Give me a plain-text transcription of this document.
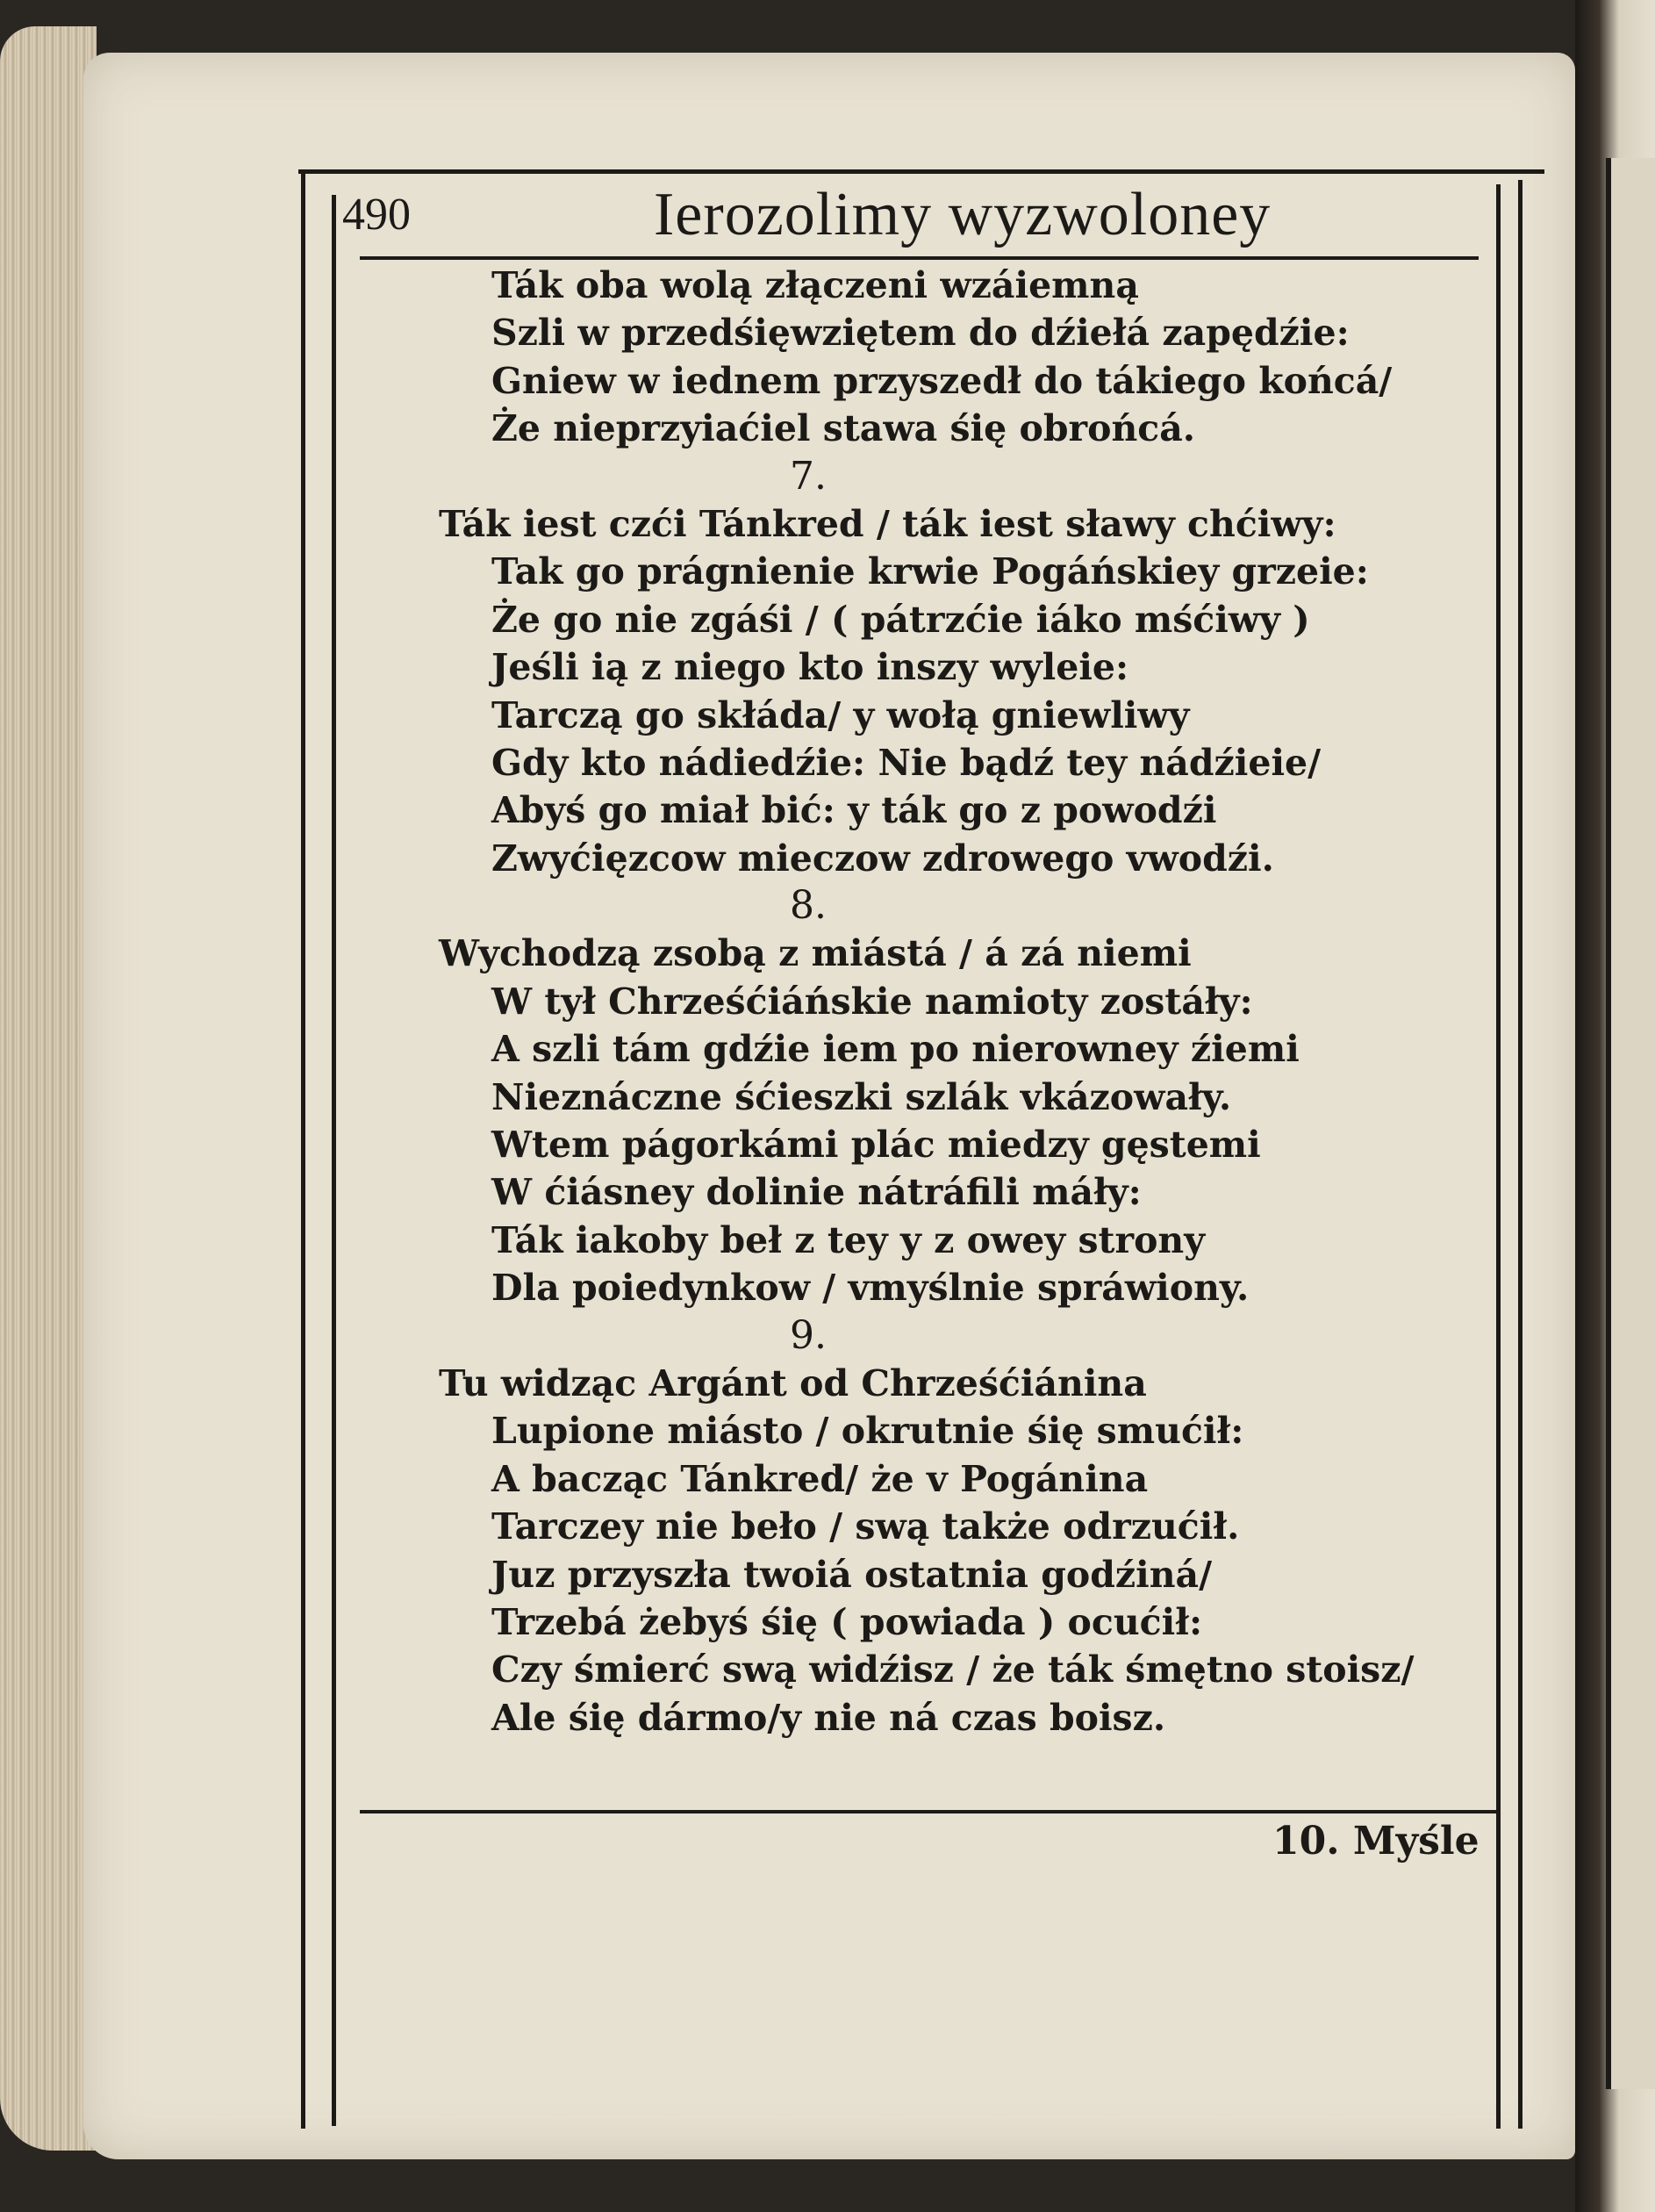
490	Ierozolimy wyzwoloney
Ták oba wolą złączeni wzáiemną
Szli w przedśięwziętem do dźiełá zapędźie:
Gniew w iednem przyszedł do tákiego końcá/
Że nieprzyiaćiel stawa śię obrońcá.
7.
Ták iest czći Tánkred / ták iest sławy chćiwy:
Tak go prágnienie krwie Pogáńskiey grzeie:
Że go nie zgáśi / ( pátrzćie iáko mśćiwy )
Jeśli ią z niego kto inszy wyleie:
Tarczą go skłáda/ y wołą gniewliwy
Gdy kto nádiedźie: Nie bądź tey nádźieie/
Abyś go miał bić: y ták go z powodźi
Zwyćięzcow mieczow zdrowego vwodźi.
8.
Wychodzą zsobą z miástá / á zá niemi
W tył Chrześćiáńskie namioty zostáły:
A szli tám gdźie iem po nierowney źiemi
Nieznáczne śćieszki szlák vkázowały.
Wtem págorkámi plác miedzy gęstemi
W ćiásney dolinie nátráfili máły:
Ták iakoby beł z tey y z owey strony
Dla poiedynkow / vmyślnie spráwiony.
9.
Tu widząc Argánt od Chrześćiánina
Lupione miásto / okrutnie śię smućił:
A bacząc Tánkred/ że v Pogánina
Tarczey nie beło / swą także odrzućił.
Juz przyszła twoiá ostatnia godźiná/
Trzebá żebyś śię ( powiada ) ocućił:
Czy śmierć swą widźisz / że ták śmętno stoisz/
Ale śię dármo/y nie ná czas boisz.
10. Myśle
